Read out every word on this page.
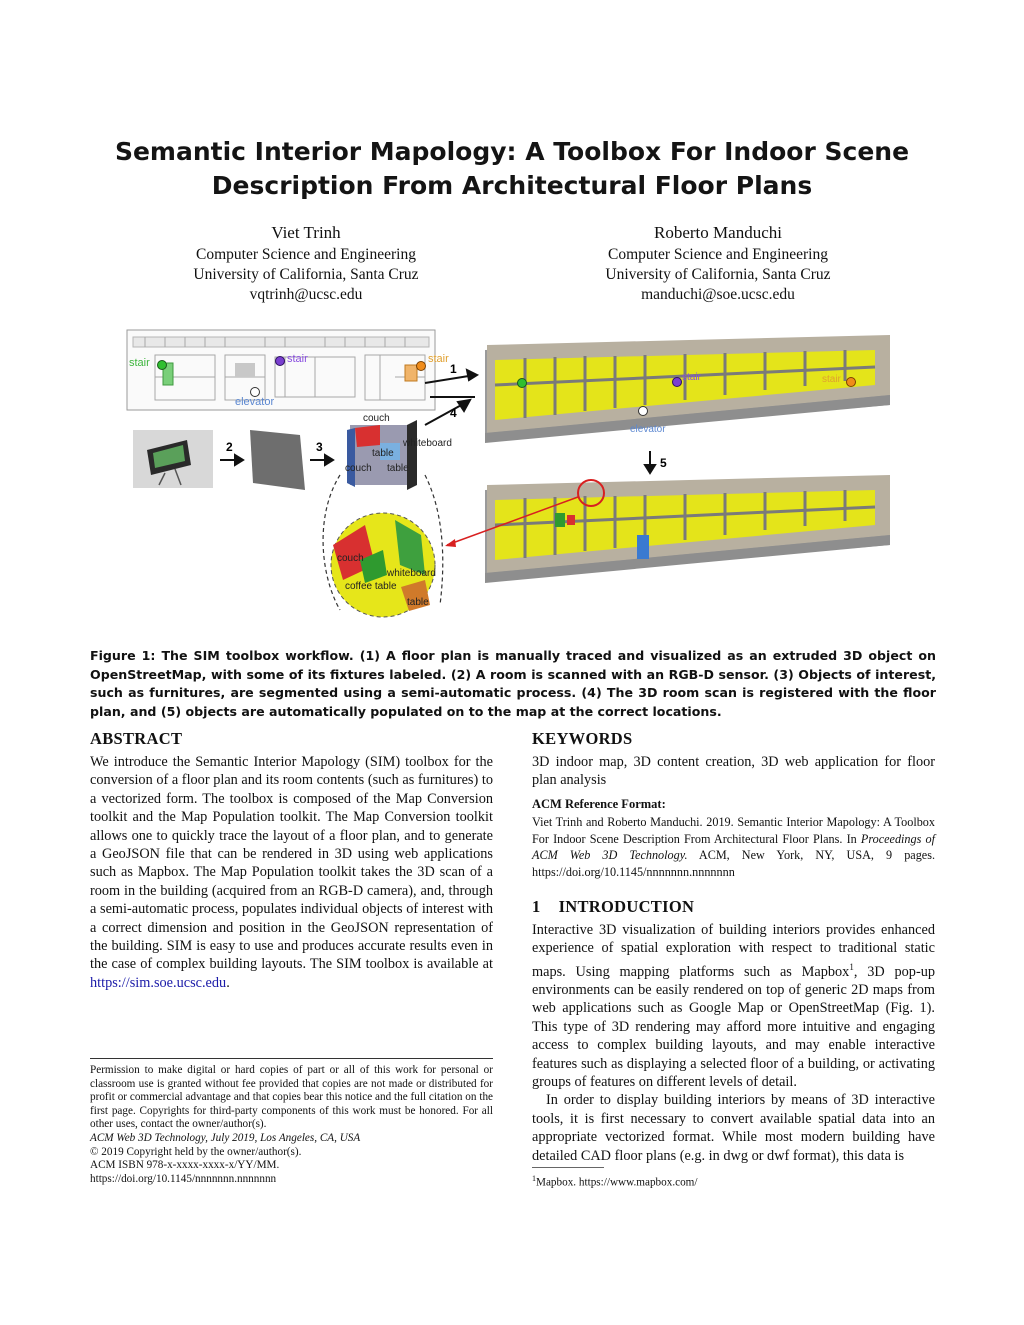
Semantic Interior Mapology: A Toolbox For Indoor Scene
Description From Architectural Floor Plans
Viet Trinh
Computer Science and Engineering
University of California, Santa Cruz
vqtrinh@ucsc.edu
Roberto Manduchi
Computer Science and Engineering
University of California, Santa Cruz
manduchi@soe.ucsc.edu
stair	stair	stair
elevator
stair	stair
elevator
1
4
2	3
couch
table
whiteboard
couch table
couch
whiteboard
coffee table
table
5
Figure 1: The SIM toolbox workflow. (1) A floor plan is manually traced and visualized as an extruded 3D object on OpenStreetMap, with some of its fixtures labeled. (2) A room is scanned with an RGB-D sensor. (3) Objects of interest, such as furnitures, are segmented using a semi-automatic process. (4) The 3D room scan is registered with the floor plan, and (5) objects are automatically populated on to the map at the correct locations.
ABSTRACT
We introduce the Semantic Interior Mapology (SIM) toolbox for the conversion of a floor plan and its room contents (such as furnitures) to a vectorized form. The toolbox is composed of the Map Conversion toolkit and the Map Population toolkit. The Map Conversion toolkit allows one to quickly trace the layout of a floor plan, and to generate a GeoJSON file that can be rendered in 3D using web applications such as Mapbox. The Map Population toolkit takes the 3D scan of a room in the building (acquired from an RGB-D camera), and, through a semi-automatic process, populates individual objects of interest with a correct dimension and position in the GeoJSON representation of the building. SIM is easy to use and produces accurate results even in the case of complex building layouts. The SIM toolbox is available at https://sim.soe.ucsc.edu.
Permission to make digital or hard copies of part or all of this work for personal or classroom use is granted without fee provided that copies are not made or distributed for profit or commercial advantage and that copies bear this notice and the full citation on the first page. Copyrights for third-party components of this work must be honored. For all other uses, contact the owner/author(s).
ACM Web 3D Technology, July 2019, Los Angeles, CA, USA
© 2019 Copyright held by the owner/author(s).
ACM ISBN 978-x-xxxx-xxxx-x/YY/MM.
https://doi.org/10.1145/nnnnnnn.nnnnnnn
KEYWORDS
3D indoor map, 3D content creation, 3D web application for floor plan analysis
ACM Reference Format:
Viet Trinh and Roberto Manduchi. 2019. Semantic Interior Mapology: A Toolbox For Indoor Scene Description From Architectural Floor Plans. In Proceedings of ACM Web 3D Technology. ACM, New York, NY, USA, 9 pages. https://doi.org/10.1145/nnnnnnn.nnnnnnn
1 INTRODUCTION
Interactive 3D visualization of building interiors provides enhanced experience of spatial exploration with respect to traditional static maps. Using mapping platforms such as Mapbox$^1$, 3D pop-up environments can be easily rendered on top of generic 2D maps from web applications such as Google Map or OpenStreetMap (Fig. 1). This type of 3D rendering may afford more intuitive and engaging access to complex building layouts, and may enable interactive features such as displaying a selected floor of a building, or activating groups of features on different levels of detail.
In order to display building interiors by means of 3D interactive tools, it is first necessary to convert available spatial data into an appropriate vectorized format. While most modern building have detailed CAD floor plans (e.g. in dwg or dwf format), this data is
$^1$Mapbox. https://www.mapbox.com/
